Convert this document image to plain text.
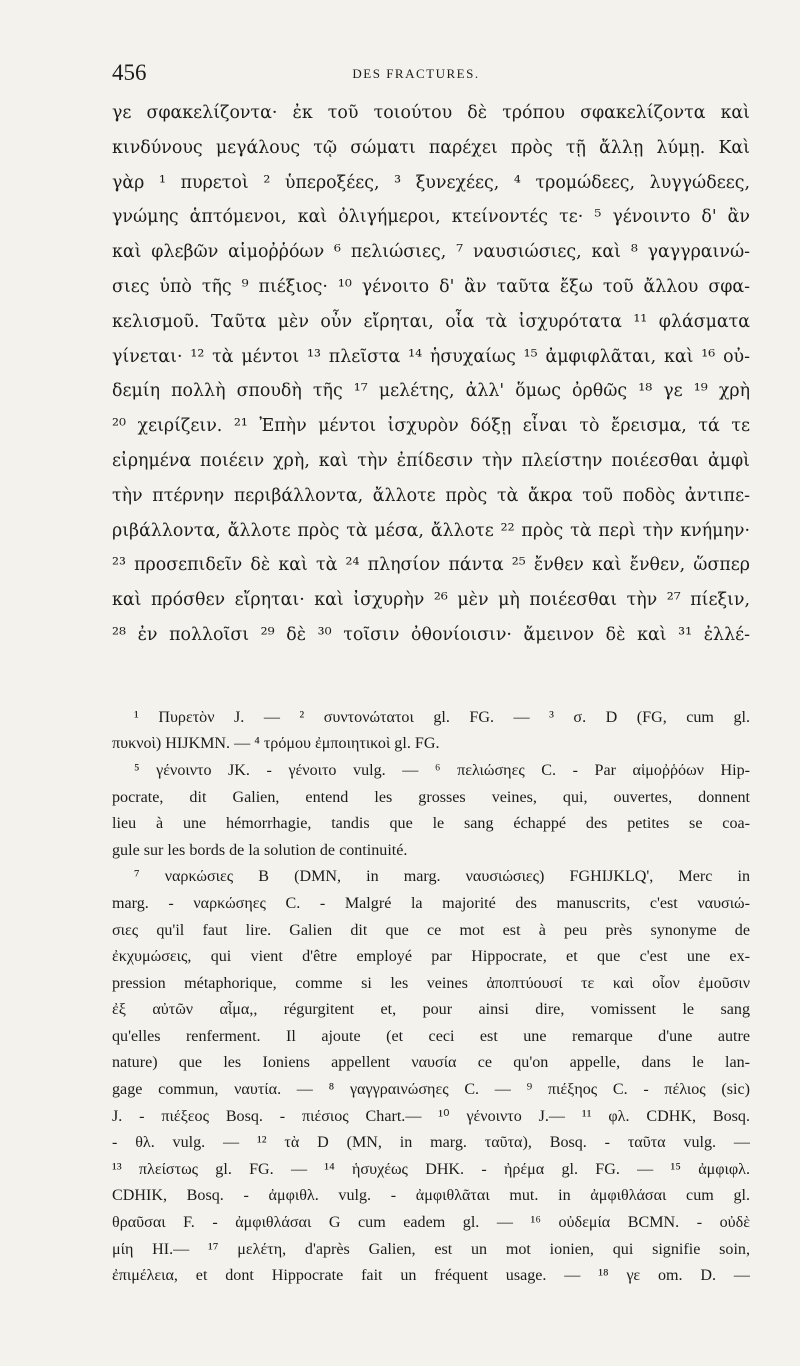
456	DES FRACTURES.
γε σφακελίζοντα· ἐκ τοῦ τοιούτου δὲ τρόπου σφακελίζοντα καὶ
κινδύνους μεγάλους τῷ σώματι παρέχει πρὸς τῇ ἄλλῃ λύμῃ. Καὶ
γὰρ ¹ πυρετοὶ ² ὑπεροξέες, ³ ξυνεχέες, ⁴ τρομώδεες, λυγγώδεες,
γνώμης ἁπτόμενοι, καὶ ὀλιγήμεροι, κτείνοντές τε· ⁵ γένοιντο δ' ἂν
καὶ φλεβῶν αἱμοῤῥόων ⁶ πελιώσιες, ⁷ ναυσιώσιες, καὶ ⁸ γαγγραινώ-
σιες ὑπὸ τῆς ⁹ πιέξιος· ¹⁰ γένοιτο δ' ἂν ταῦτα ἔξω τοῦ ἄλλου σφα-
κελισμοῦ. Ταῦτα μὲν οὖν εἴρηται, οἷα τὰ ἰσχυρότατα ¹¹ φλάσματα
γίνεται· ¹² τὰ μέντοι ¹³ πλεῖστα ¹⁴ ἡσυχαίως ¹⁵ ἀμφιφλᾶται, καὶ ¹⁶ οὐ-
δεμίη πολλὴ σπουδὴ τῆς ¹⁷ μελέτης, ἀλλ' ὅμως ὀρθῶς ¹⁸ γε ¹⁹ χρὴ
²⁰ χειρίζειν. ²¹ Ἐπὴν μέντοι ἰσχυρὸν δόξῃ εἶναι τὸ ἔρεισμα, τά τε
εἰρημένα ποιέειν χρὴ, καὶ τὴν ἐπίδεσιν τὴν πλείστην ποιέεσθαι ἀμφὶ
τὴν πτέρνην περιβάλλοντα, ἄλλοτε πρὸς τὰ ἄκρα τοῦ ποδὸς ἀντιπε-
ριβάλλοντα, ἄλλοτε πρὸς τὰ μέσα, ἄλλοτε ²² πρὸς τὰ περὶ τὴν κνήμην·
²³ προσεπιδεῖν δὲ καὶ τὰ ²⁴ πλησίον πάντα ²⁵ ἔνθεν καὶ ἔνθεν, ὥσπερ
καὶ πρόσθεν εἴρηται· καὶ ἰσχυρὴν ²⁶ μὲν μὴ ποιέεσθαι τὴν ²⁷ πίεξιν,
²⁸ ἐν πολλοῖσι ²⁹ δὲ ³⁰ τοῖσιν ὀθονίοισιν· ἄμεινον δὲ καὶ ³¹ ἐλλέ-
¹ Πυρετὸν J. — ² συντονώτατοι gl. FG. — ³ σ. D (FG, cum gl.
πυκνοὶ) HIJKMN. — ⁴ τρόμου ἐμποιητικοὶ gl. FG.
⁵ γένοιντο JK. - γένοιτο vulg. — ⁶ πελιώσηες C. - Par αἱμοῤῥόων Hip-
pocrate, dit Galien, entend les grosses veines, qui, ouvertes, donnent
lieu à une hémorrhagie, tandis que le sang échappé des petites se coa-
gule sur les bords de la solution de continuité.
⁷ ναρκώσιες B (DMN, in marg. ναυσιώσιες) FGHIJKLQ', Merc in
marg. - ναρκώσηες C. - Malgré la majorité des manuscrits, c'est ναυσιώ-
σιες qu'il faut lire. Galien dit que ce mot est à peu près synonyme de
ἐκχυμώσεις, qui vient d'être employé par Hippocrate, et que c'est une ex-
pression métaphorique, comme si les veines ἀποπτύουσί τε καὶ οἷον ἐμοῦσιν
ἐξ αὐτῶν αἷμα,, régurgitent et, pour ainsi dire, vomissent le sang
qu'elles renferment. Il ajoute (et ceci est une remarque d'une autre
nature) que les Ioniens appellent ναυσία ce qu'on appelle, dans le lan-
gage commun, ναυτία. — ⁸ γαγγραινώσηες C. — ⁹ πιέξηος C. - πέλιος (sic)
J. - πιέξεος Bosq. - πιέσιος Chart.— ¹⁰ γένοιντο J.— ¹¹ φλ. CDHK, Bosq.
- θλ. vulg. — ¹² τὰ D (MN, in marg. ταῦτα), Bosq. - ταῦτα vulg. —
¹³ πλείστως gl. FG. — ¹⁴ ἡσυχέως DHK. - ἠρέμα gl. FG. — ¹⁵ ἀμφιφλ.
CDHIK, Bosq. - ἀμφιθλ. vulg. - ἀμφιθλᾶται mut. in ἀμφιθλάσαι cum gl.
θραῦσαι F. - ἀμφιθλάσαι G cum eadem gl. — ¹⁶ οὐδεμία BCMN. - οὐδὲ
μίη HI.— ¹⁷ μελέτη, d'après Galien, est un mot ionien, qui signifie soin,
ἐπιμέλεια, et dont Hippocrate fait un fréquent usage. — ¹⁸ γε om. D. —
